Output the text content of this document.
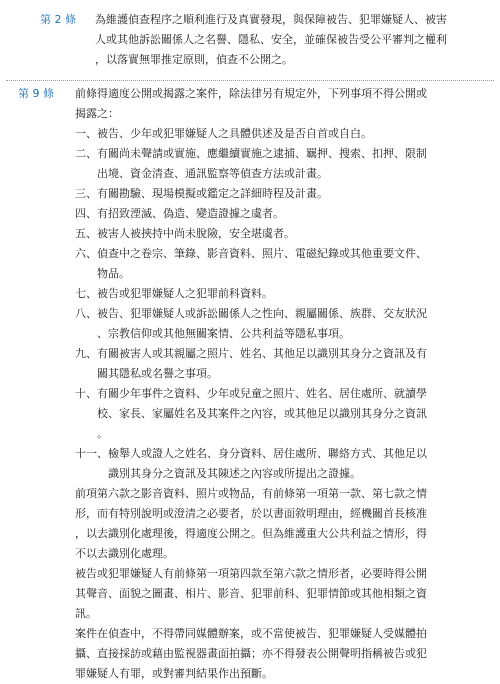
第 2 條 為維護偵查程序之順利進行及真實發現，與保障被告、犯罪嫌疑人、被害
人或其他訴訟關係人之名譽、隱私、安全，並確保被告受公平審判之權利
，以落實無罪推定原則，偵查不公開之。
第 9 條 前條得適度公開或揭露之案件，除法律另有規定外，下列事項不得公開或
揭露之：
一、 被告、少年或犯罪嫌疑人之具體供述及是否自首或自白。
二、 有關尚未聲請或實施、應繼續實施之逮捕、羈押、搜索、扣押、限制
出境、資金清查、通訊監察等偵查方法或計畫。
三、 有關勘驗、現場模擬或鑑定之詳細時程及計畫。
四、 有招致湮滅、偽造、變造證據之虞者。
五、 被害人被挾持中尚未脫險，安全堪虞者。
六、 偵查中之卷宗、筆錄、影音資料、照片、電磁紀錄或其他重要文件、
物品。
七、 被告或犯罪嫌疑人之犯罪前科資料。
八、 被告、犯罪嫌疑人或訴訟關係人之性向、親屬關係、族群、交友狀況
、宗教信仰或其他無關案情、公共利益等隱私事項。
九、 有關被害人或其親屬之照片、姓名、其他足以識別其身分之資訊及有
關其隱私或名譽之事項。
十、 有關少年事件之資料、少年或兒童之照片、姓名、居住處所、就讀學
校、家長、家屬姓名及其案件之內容，或其他足以識別其身分之資訊
。
十一、 檢舉人或證人之姓名、身分資料、居住處所、聯絡方式、其他足以
識別其身分之資訊及其陳述之內容或所提出之證據。
前項第六款之影音資料、照片或物品，有前條第一項第一款、第七款之情
形，而有特別說明或澄清之必要者，於以書面敘明理由，經機關首長核准
，以去識別化處理後，得適度公開之。但為維護重大公共利益之情形，得
不以去識別化處理。
被告或犯罪嫌疑人有前條第一項第四款至第六款之情形者，必要時得公開
其聲音、面貌之圖畫、相片、影音、犯罪前科、犯罪情節或其他相類之資
訊。
案件在偵查中，不得帶同媒體辦案，或不當使被告、犯罪嫌疑人受媒體拍
攝、直接採訪或藉由監視器畫面拍攝；亦不得發表公開聲明指稱被告或犯
罪嫌疑人有罪，或對審判結果作出預斷。
